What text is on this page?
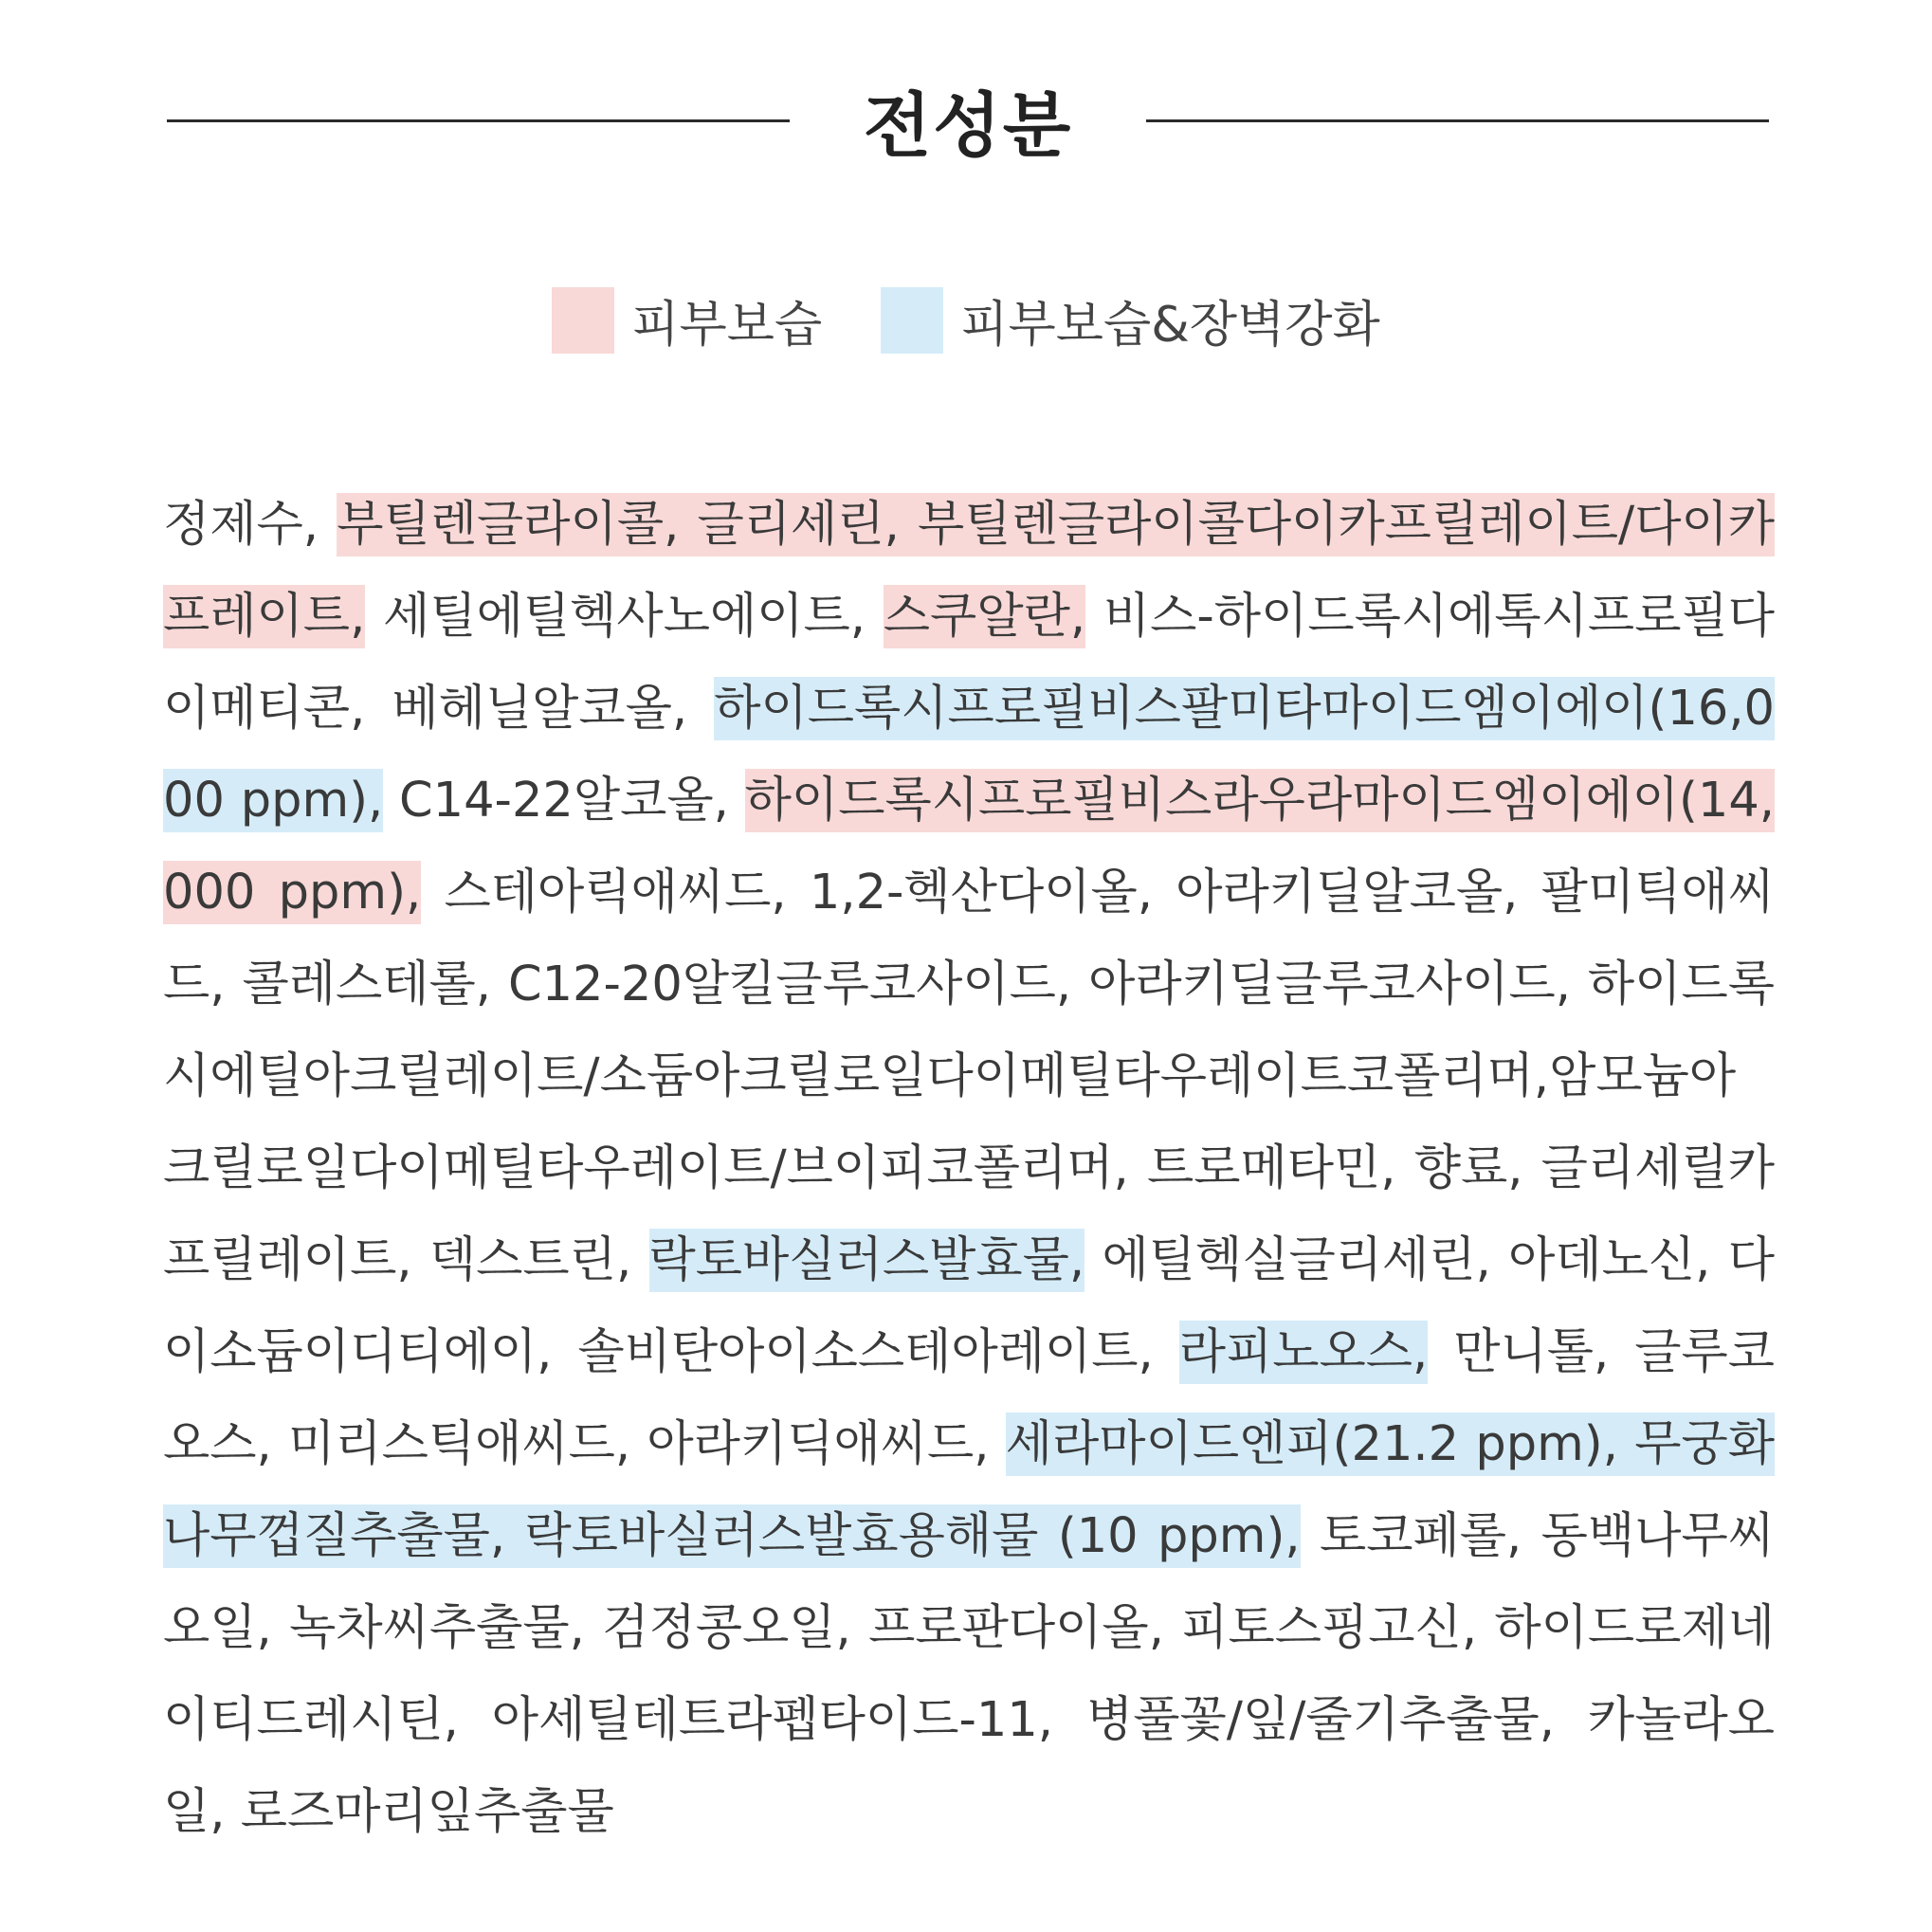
전성분
피부보습	피부보습&장벽강화
정제수, 부틸렌글라이콜, 글리세린, 부틸렌글라이콜다이카프릴레이트/다이카프레이트, 세틸에틸헥사노에이트, 스쿠알란, 비스-하이드록시에톡시프로필다이메티콘, 베헤닐알코올, 하이드록시프로필비스팔미타마이드엠이에이(16,000 ppm), C14-22알코올, 하이드록시프로필비스라우라마이드엠이에이(14,000 ppm), 스테아릭애씨드, 1,2-헥산다이올, 아라키딜알코올, 팔미틱애씨드, 콜레스테롤, C12-20알킬글루코사이드, 아라키딜글루코사이드, 하이드록시에틸아크릴레이트/소듐아크릴로일다이메틸타우레이트코폴리머,암모늄아크릴로일다이메틸타우레이트/브이피코폴리머, 트로메타민, 향료, 글리세릴카프릴레이트, 덱스트린, 락토바실러스발효물, 에틸헥실글리세린, 아데노신, 다이소듐이디티에이, 솔비탄아이소스테아레이트, 라피노오스, 만니톨, 글루코오스, 미리스틱애씨드, 아라키딕애씨드, 세라마이드엔피(21.2 ppm), 무궁화나무껍질추출물, 락토바실러스발효용해물 (10 ppm), 토코페롤, 동백나무씨오일, 녹차씨추출물, 검정콩오일, 프로판다이올, 피토스핑고신, 하이드로제네이티드레시틴, 아세틸테트라펩타이드-11, 병풀꽃/잎/줄기추출물, 카놀라오일, 로즈마리잎추출물
